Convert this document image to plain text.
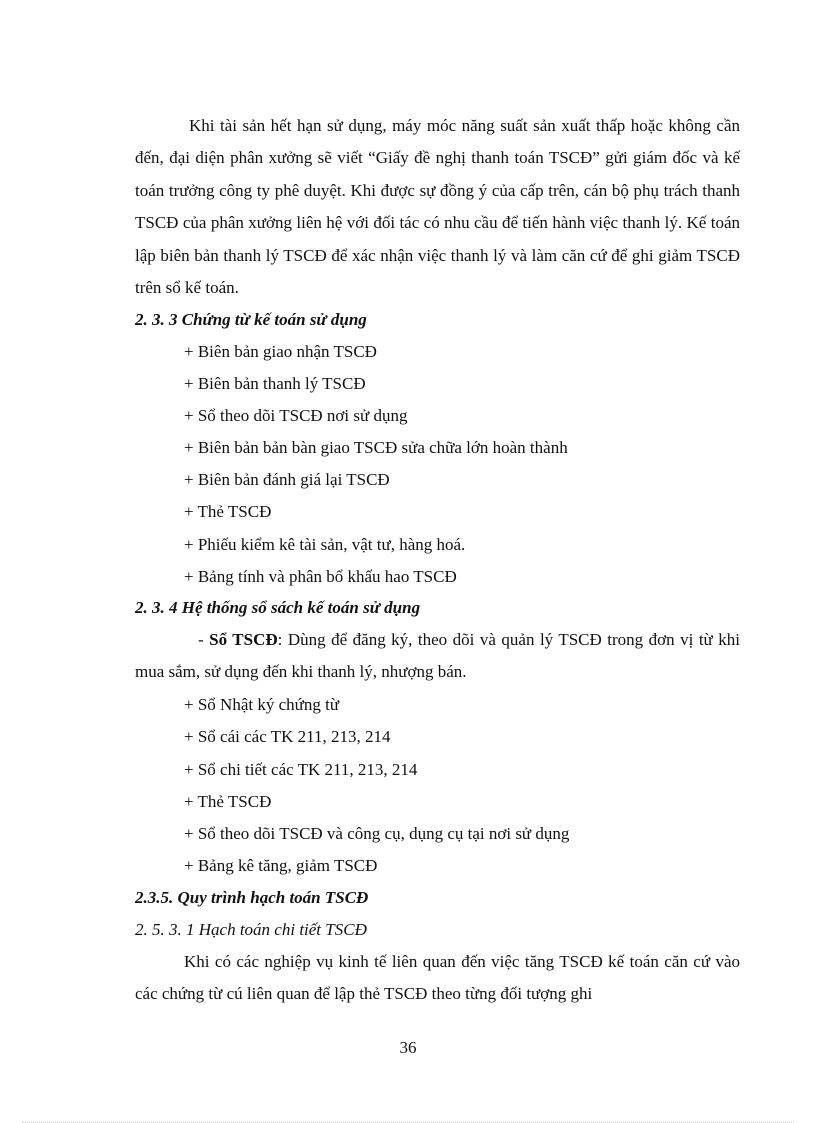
Khi tài sản hết hạn sử dụng, máy móc năng suất sản xuất thấp hoặc không cần đến, đại diện phân xưởng sẽ viết “Giấy đề nghị thanh toán TSCĐ” gửi giám đốc và kế toán trưởng công ty phê duyệt. Khi được sự đồng ý của cấp trên, cán bộ phụ trách thanh TSCĐ của phân xưởng liên hệ với đối tác có nhu cầu để tiến hành việc thanh lý. Kế toán lập biên bản thanh lý TSCĐ để xác nhận việc thanh lý và làm căn cứ để ghi giảm TSCĐ trên sổ kế toán.

2. 3. 3 Chứng từ kế toán sử dụng
+ Biên bản giao nhận TSCĐ
+ Biên bản thanh lý TSCĐ
+ Sổ theo dõi TSCĐ nơi sử dụng
+ Biên bản bản bàn giao TSCĐ sửa chữa lớn hoàn thành
+ Biên bản đánh giá lại TSCĐ
+ Thẻ TSCĐ
+ Phiếu kiểm kê tài sản, vật tư, hàng hoá.
+ Bảng tính và phân bổ khấu hao TSCĐ
2. 3. 4 Hệ thống sổ sách kế toán sử dụng

- Sổ TSCĐ: Dùng để đăng ký, theo dõi và quản lý TSCĐ trong đơn vị từ khi mua sắm, sử dụng đến khi thanh lý, nhượng bán.

+ Sổ Nhật ký chứng từ
+ Sổ cái các TK 211, 213, 214
+ Sổ chi tiết các TK 211, 213, 214
+ Thẻ TSCĐ
+ Sổ theo dõi TSCĐ và công cụ, dụng cụ tại nơi sử dụng
+ Bảng kê tăng, giảm TSCĐ
2.3.5. Quy trình hạch toán TSCĐ
2. 5. 3. 1 Hạch toán chi tiết TSCĐ

Khi có các nghiệp vụ kinh tế liên quan đến việc tăng TSCĐ kế toán căn cứ vào các chứng từ cú liên quan để lập thẻ TSCĐ theo từng đối tượng ghi

36
